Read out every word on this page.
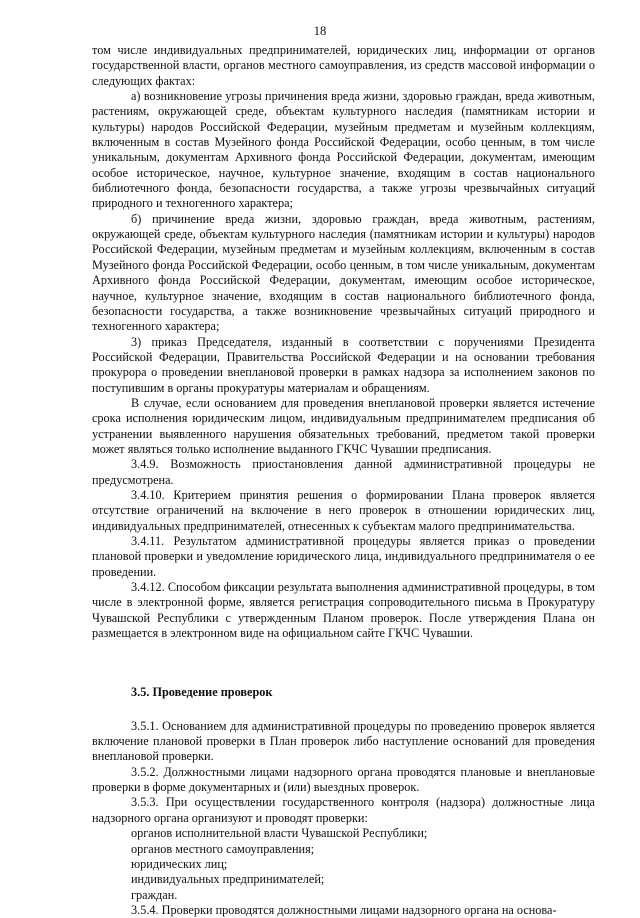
18

том числе индивидуальных предпринимателей, юридических лиц, информации от органов государственной власти, органов местного самоуправления, из средств массовой информации о следующих фактах:

а) возникновение угрозы причинения вреда жизни, здоровью граждан, вреда животным, растениям, окружающей среде, объектам культурного наследия (памятникам истории и культуры) народов Российской Федерации, музейным предметам и музейным коллекциям, включенным в состав Музейного фонда Российской Федерации, особо ценным, в том числе уникальным, документам Архивного фонда Российской Федерации, документам, имеющим особое историческое, научное, культурное значение, входящим в состав национального библиотечного фонда, безопасности государства, а также угрозы чрезвычайных ситуаций природного и техногенного характера;

б) причинение вреда жизни, здоровью граждан, вреда животным, растениям, окружающей среде, объектам культурного наследия (памятникам истории и культуры) народов Российской Федерации, музейным предметам и музейным коллекциям, включенным в состав Музейного фонда Российской Федерации, особо ценным, в том числе уникальным, документам Архивного фонда Российской Федерации, документам, имеющим особое историческое, научное, культурное значение, входящим в состав национального библиотечного фонда, безопасности государства, а также возникновение чрезвычайных ситуаций природного и техногенного характера;

3) приказ Председателя, изданный в соответствии с поручениями Президента Российской Федерации, Правительства Российской Федерации и на основании требования прокурора о проведении внеплановой проверки в рамках надзора за исполнением законов по поступившим в органы прокуратуры материалам и обращениям.

В случае, если основанием для проведения внеплановой проверки является истечение срока исполнения юридическим лицом, индивидуальным предпринимателем предписания об устранении выявленного нарушения обязательных требований, предметом такой проверки может являться только исполнение выданного ГКЧС Чувашии предписания.

3.4.9. Возможность приостановления данной административной процедуры не предусмотрена.

3.4.10. Критерием принятия решения о формировании Плана проверок является отсутствие ограничений на включение в него проверок в отношении юридических лиц, индивидуальных предпринимателей, отнесенных к субъектам малого предпринимательства.

3.4.11. Результатом административной процедуры является приказ о проведении плановой проверки и уведомление юридического лица, индивидуального предпринимателя о ее проведении.

3.4.12. Способом фиксации результата выполнения административной процедуры, в том числе в электронной форме, является регистрация сопроводительного письма в Прокуратуру Чувашской Республики с утвержденным Планом проверок. После утверждения Плана он размещается в электронном виде на официальном сайте ГКЧС Чувашии.

3.5. Проведение проверок

3.5.1. Основанием для административной процедуры по проведению проверок является включение плановой проверки в План проверок либо наступление оснований для проведения внеплановой проверки.

3.5.2. Должностными лицами надзорного органа проводятся плановые и внеплановые проверки в форме документарных и (или) выездных проверок.

3.5.3. При осуществлении государственного контроля (надзора) должностные лица надзорного органа организуют и проводят проверки:

органов исполнительной власти Чувашской Республики;

органов местного самоуправления;

юридических лиц;

индивидуальных предпринимателей;

граждан.

3.5.4. Проверки проводятся должностными лицами надзорного органа на основа-
